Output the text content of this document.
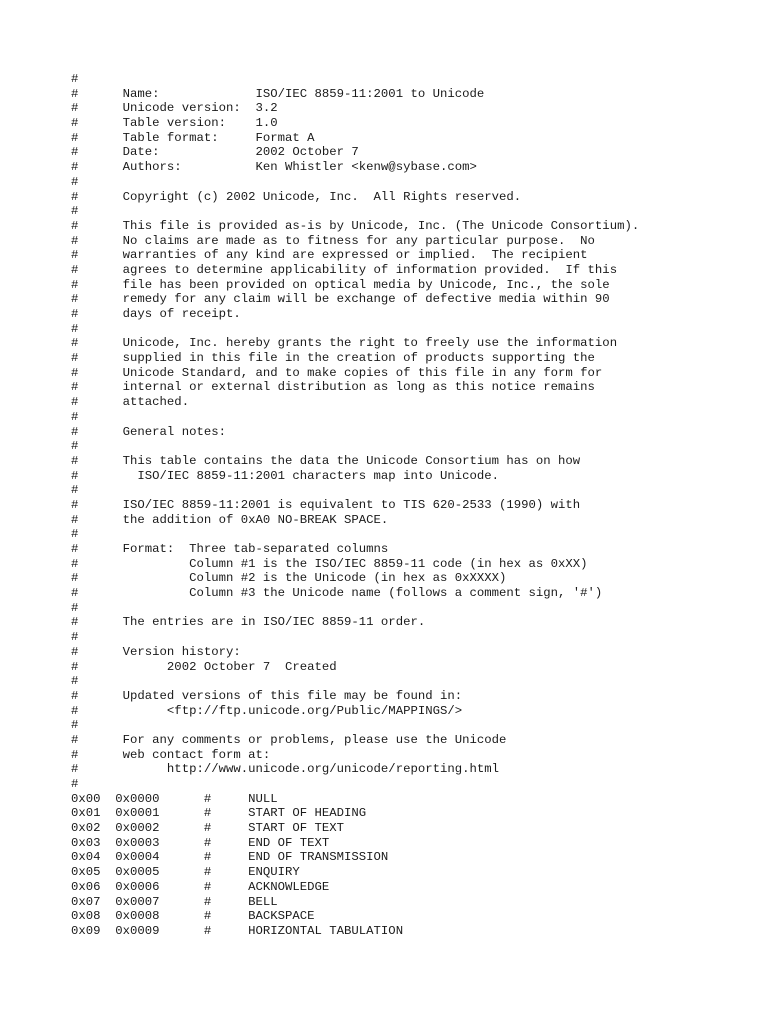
#
#      Name:             ISO/IEC 8859-11:2001 to Unicode
#      Unicode version:  3.2
#      Table version:    1.0
#      Table format:     Format A
#      Date:             2002 October 7
#      Authors:          Ken Whistler <kenw@sybase.com>
#
#      Copyright (c) 2002 Unicode, Inc.  All Rights reserved.
#
#      This file is provided as-is by Unicode, Inc. (The Unicode Consortium).
#      No claims are made as to fitness for any particular purpose.  No
#      warranties of any kind are expressed or implied.  The recipient
#      agrees to determine applicability of information provided.  If this
#      file has been provided on optical media by Unicode, Inc., the sole
#      remedy for any claim will be exchange of defective media within 90
#      days of receipt.
#
#      Unicode, Inc. hereby grants the right to freely use the information
#      supplied in this file in the creation of products supporting the
#      Unicode Standard, and to make copies of this file in any form for
#      internal or external distribution as long as this notice remains
#      attached.
#
#      General notes:
#
#      This table contains the data the Unicode Consortium has on how
#        ISO/IEC 8859-11:2001 characters map into Unicode.
#
#      ISO/IEC 8859-11:2001 is equivalent to TIS 620-2533 (1990) with
#      the addition of 0xA0 NO-BREAK SPACE.
#
#      Format:  Three tab-separated columns
#               Column #1 is the ISO/IEC 8859-11 code (in hex as 0xXX)
#               Column #2 is the Unicode (in hex as 0xXXXX)
#               Column #3 the Unicode name (follows a comment sign, '#')
#
#      The entries are in ISO/IEC 8859-11 order.
#
#      Version history:
#            2002 October 7  Created
#
#      Updated versions of this file may be found in:
#            <ftp://ftp.unicode.org/Public/MAPPINGS/>
#
#      For any comments or problems, please use the Unicode
#      web contact form at:
#            http://www.unicode.org/unicode/reporting.html
#
0x00  0x0000      #     NULL
0x01  0x0001      #     START OF HEADING
0x02  0x0002      #     START OF TEXT
0x03  0x0003      #     END OF TEXT
0x04  0x0004      #     END OF TRANSMISSION
0x05  0x0005      #     ENQUIRY
0x06  0x0006      #     ACKNOWLEDGE
0x07  0x0007      #     BELL
0x08  0x0008      #     BACKSPACE
0x09  0x0009      #     HORIZONTAL TABULATION
